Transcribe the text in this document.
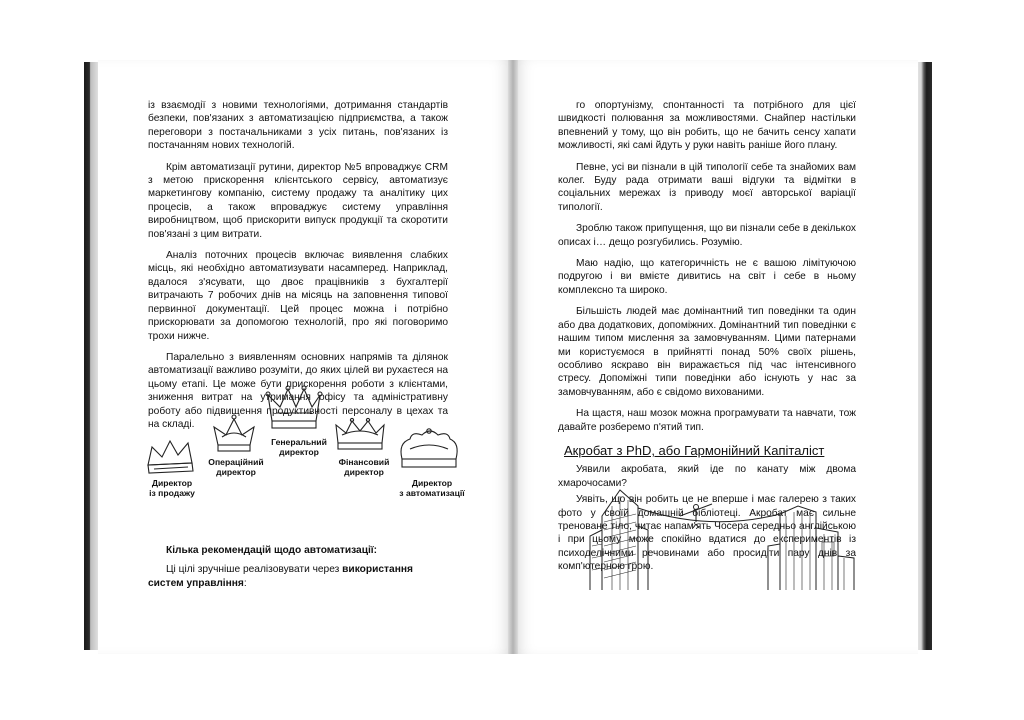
із взаємодії з новими технологіями, дотримання стандартів безпеки, пов'язаних з автоматизацією підприємства, а також переговори з постачальниками з усіх питань, пов'язаних із постачанням нових технологій.

Крім автоматизації рутини, директор №5 впроваджує CRM з метою прискорення клієнтського сервісу, автоматизує маркетингову компанію, систему продажу та аналітику цих процесів, а також впроваджує систему управління виробництвом, щоб прискорити випуск продукції та скоротити пов'язані з цим витрати.

Аналіз поточних процесів включає виявлення слабких місць, які необхідно автоматизувати насамперед. Наприклад, вдалося з'ясувати, що двоє працівників з бухгалтерії витрачають 7 робочих днів на місяць на заповнення типової первинної документації. Цей процес можна і потрібно прискорювати за допомогою технологій, про які поговоримо трохи нижче.

Паралельно з виявленням основних напрямів та ділянок автоматизації важливо розуміти, до яких цілей ви рухаєтеся на цьому етапі. Це може бути прискорення роботи з клієнтами, зниження витрат на утримання офісу та адміністративну роботу або підвищення продуктивності персоналу в цехах та на складі.

Директор
із продажу
Операційний
директор
Генеральний
директор
Фінансовий
директор
Директор
з автоматизації
Кілька рекомендацій щодо автоматизації:
Ці цілі зручніше реалізовувати через використання систем управління:

го опортунізму, спонтанності та потрібного для цієї швидкості полювання за можливостями. Снайпер настільки впевнений у тому, що він робить, що не бачить сенсу хапати можливості, які самі йдуть у руки навіть раніше його плану.

Певне, усі ви пізнали в цій типології себе та знайомих вам колег. Буду рада отримати ваші відгуки та відмітки в соціальних мережах із приводу моєї авторської варіації типології.

Зроблю також припущення, що ви пізнали себе в декількох описах і… дещо розгубились. Розумію.

Маю надію, що категоричність не є вашою лімітуючою подругою і ви вмієте дивитись на світ і себе в ньому комплексно та широко.

Більшість людей має домінантний тип поведінки та один або два додаткових, допоміжних. Домінантний тип поведінки є нашим типом мислення за замовчуванням. Цими патернами ми користуємося в прийнятті понад 50% своїх рішень, особливо яскраво він виражається під час інтенсивного стресу. Допоміжні типи поведінки або існують у нас за замовчуванням, або є свідомо вихованими.

На щастя, наш мозок можна програмувати та навчати, тож давайте розберемо п'ятий тип.

Акробат з PhD, або Гармонійний Капіталіст

Уявили акробата, який іде по канату між двома хмарочосами?

Уявіть, що він робить це не вперше і має галерею з таких фото у своїй домашній бібліотеці. Акробат має сильне треноване тіло, читає напам'ять Чосера середньо англійською і при цьому може спокійно вдатися до експериментів із психоделічними речовинами або просидіти пару днів за комп'ютерною грою.
